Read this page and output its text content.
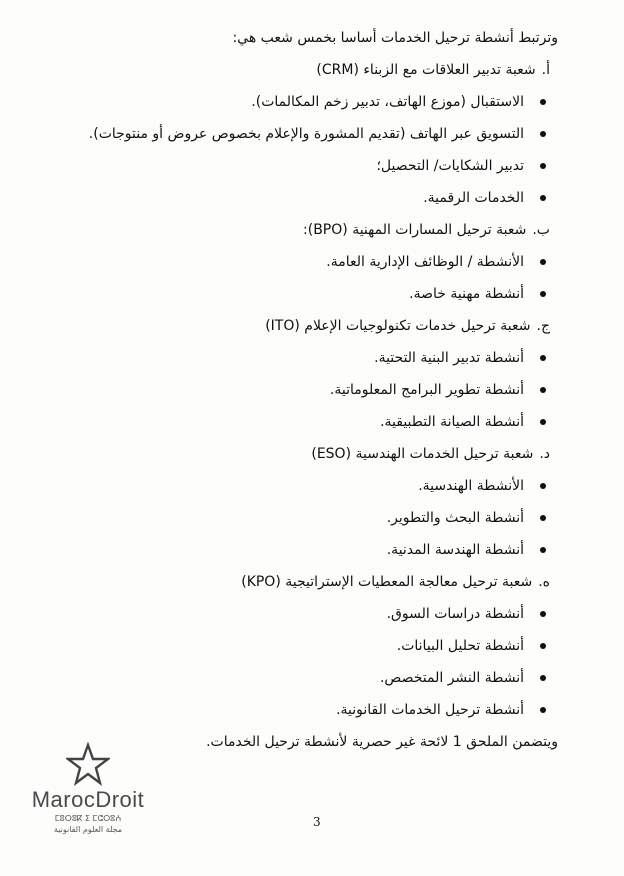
وترتبط أنشطة ترحيل الخدمات أساسا بخمس شعب هي:

أ.شعبة تدبير العلاقات مع الزبناء (CRM)

الاستقبال (موزع الهاتف، تدبير زخم المكالمات).
التسويق عبر الهاتف (تقديم المشورة والإعلام بخصوص عروض أو منتوجات).
تدبير الشكايات/ التحصيل؛
الخدمات الرقمية.

ب.شعبة ترحيل المسارات المهنية (BPO):

الأنشطة / الوظائف الإدارية العامة.
أنشطة مهنية خاصة.

ج.شعبة ترحيل خدمات تكنولوجيات الإعلام (ITO)

أنشطة تدبير البنية التحتية.
أنشطة تطوير البرامج المعلوماتية.
أنشطة الصيانة التطبيقية.

د.شعبة ترحيل الخدمات الهندسية (ESO)

الأنشطة الهندسية.
أنشطة البحث والتطوير.
أنشطة الهندسة المدنية.

ه.شعبة ترحيل معالجة المعطيات الإستراتيجية (KPO)

أنشطة دراسات السوق.
أنشطة تحليل البيانات.
أنشطة النشر المتخصص.
أنشطة ترحيل الخدمات القانونية.

ويتضمن الملحق 1 لائحة غير حصرية لأنشطة ترحيل الخدمات.

3
MarocDroit
ⵎⵓⵔⵓⴽ ⵉ ⵎⵛⵔⵓⵄ
مجلة العلوم القانونية
